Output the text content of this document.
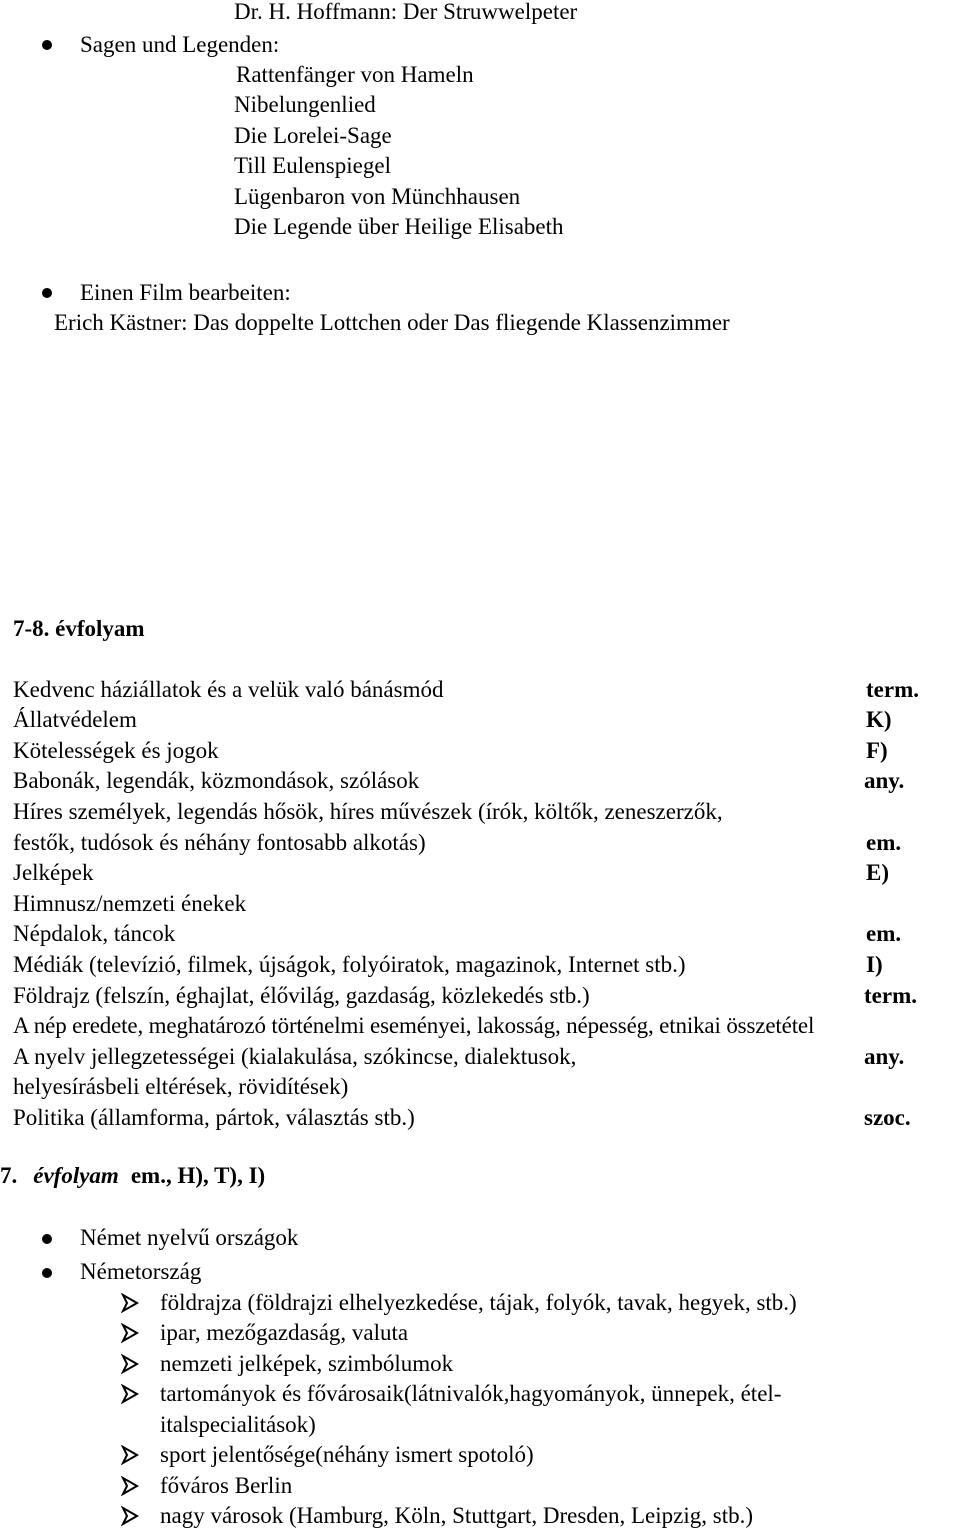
Dr. H. Hoffmann: Der Struwwelpeter
Sagen und Legenden:
Rattenfänger von Hameln
Nibelungenlied
Die Lorelei-Sage
Till Eulenspiegel
Lügenbaron von Münchhausen
Die Legende über Heilige Elisabeth
Einen Film bearbeiten:
Erich Kästner: Das doppelte Lottchen oder Das fliegende Klassenzimmer
7-8. évfolyam
Kedvenc háziállatok és a velük való bánásmód	term.
Állatvédelem	K)
Kötelességek és jogok	F)
Babonák, legendák, közmondások, szólások	any.
Híres személyek, legendás hősök, híres művészek (írók, költők, zeneszerzők,
festők, tudósok és néhány fontosabb alkotás)	em.
Jelképek	E)
Himnusz/nemzeti énekek
Népdalok, táncok	em.
Médiák (televízió, filmek, újságok, folyóiratok, magazinok, Internet stb.)	I)
Földrajz (felszín, éghajlat, élővilág, gazdaság, közlekedés stb.)	term.
A nép eredete, meghatározó történelmi eseményei, lakosság, népesség, etnikai összetétel
A nyelv jellegzetességei (kialakulása, szókincse, dialektusok,	any.
helyesírásbeli eltérések, rövidítések)
Politika (államforma, pártok, választás stb.)	szoc.
7. évfolyam em., H), T), I)
Német nyelvű országok
Németország
földrajza (földrajzi elhelyezkedése, tájak, folyók, tavak, hegyek, stb.)
ipar, mezőgazdaság, valuta
nemzeti jelképek, szimbólumok
tartományok és fővárosaik(látnivalók,hagyományok, ünnepek, étel-
italspecialitások)
sport jelentősége(néhány ismert spotoló)
főváros Berlin
nagy városok (Hamburg, Köln, Stuttgart, Dresden, Leipzig, stb.)
